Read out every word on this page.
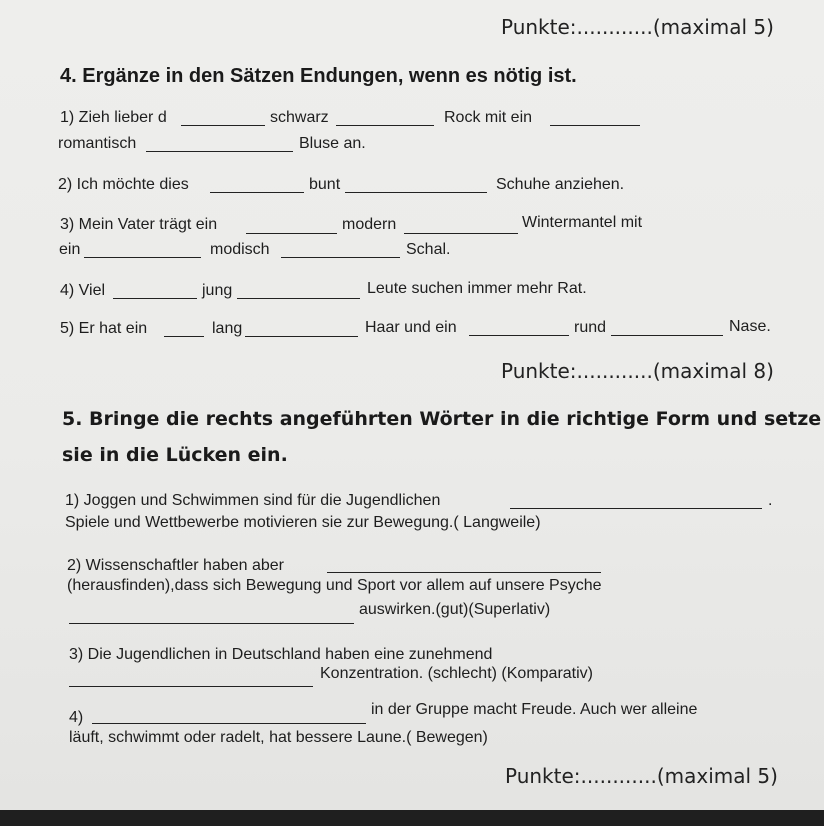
Punkte:............(maximal 5)
4. Ergänze in den Sätzen Endungen, wenn es nötig ist.
1) Zieh lieber d	schwarz	Rock mit ein
romantisch	Bluse an.
2) Ich möchte dies	bunt	Schuhe anziehen.
3) Mein Vater trägt ein	modern	Wintermantel mit
ein	modisch	Schal.
4) Viel	jung	Leute suchen immer mehr Rat.
5) Er hat ein	lang	Haar und ein	rund	Nase.
Punkte:............(maximal 8)
5. Bringe die rechts angeführten Wörter in die richtige Form und setze
sie in die Lücken ein.
1) Joggen und Schwimmen sind für die Jugendlichen	.
Spiele und Wettbewerbe motivieren sie zur Bewegung.( Langweile)
2) Wissenschaftler haben aber
(herausfinden),dass sich Bewegung und Sport vor allem auf unsere Psyche
auswirken.(gut)(Superlativ)
3) Die Jugendlichen in Deutschland haben eine zunehmend
Konzentration. (schlecht) (Komparativ)
4)	in der Gruppe macht Freude. Auch wer alleine
läuft, schwimmt oder radelt, hat bessere Laune.( Bewegen)
Punkte:............(maximal 5)
